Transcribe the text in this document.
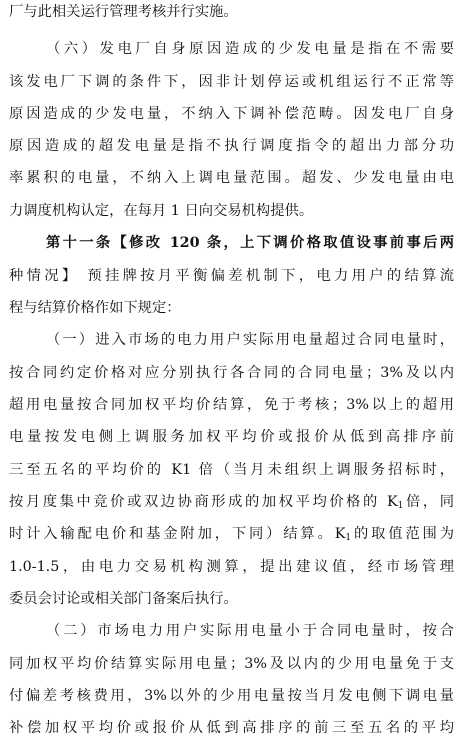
厂与此相关运行管理考核并行实施。
（六）发电厂自身原因造成的少发电量是指在不需要
该发电厂下调的条件下，因非计划停运或机组运行不正常等
原因造成的少发电量，不纳入下调补偿范畴。因发电厂自身
原因造成的超发电量是指不执行调度指令的超出力部分功
率累积的电量，不纳入上调电量范围。超发、少发电量由电
力调度机构认定，在每月 1 日向交易机构提供。
第十一条【修改 120 条，上下调价格取值设事前事后两
种情况】 预挂牌按月平衡偏差机制下，电力用户的结算流
程与结算价格作如下规定：
（一）进入市场的电力用户实际用电量超过合同电量时，
按合同约定价格对应分别执行各合同的合同电量；3%及以内
超用电量按合同加权平均价结算，免于考核；3%以上的超用
电量按发电侧上调服务加权平均价或报价从低到高排序前
三至五名的平均价的 K1 倍（当月未组织上调服务招标时，
按月度集中竞价或双边协商形成的加权平均价格的 $K_1$倍，同
时计入输配电价和基金附加，下同）结算。$K_1$的取值范围为
1.0-1.5，由电力交易机构测算，提出建议值，经市场管理
委员会讨论或相关部门备案后执行。
（二）市场电力用户实际用电量小于合同电量时，按合
同加权平均价结算实际用电量；3%及以内的少用电量免于支
付偏差考核费用，3%以外的少用电量按当月发电侧下调电量
补偿加权平均价或报价从低到高排序的前三至五名的平均
